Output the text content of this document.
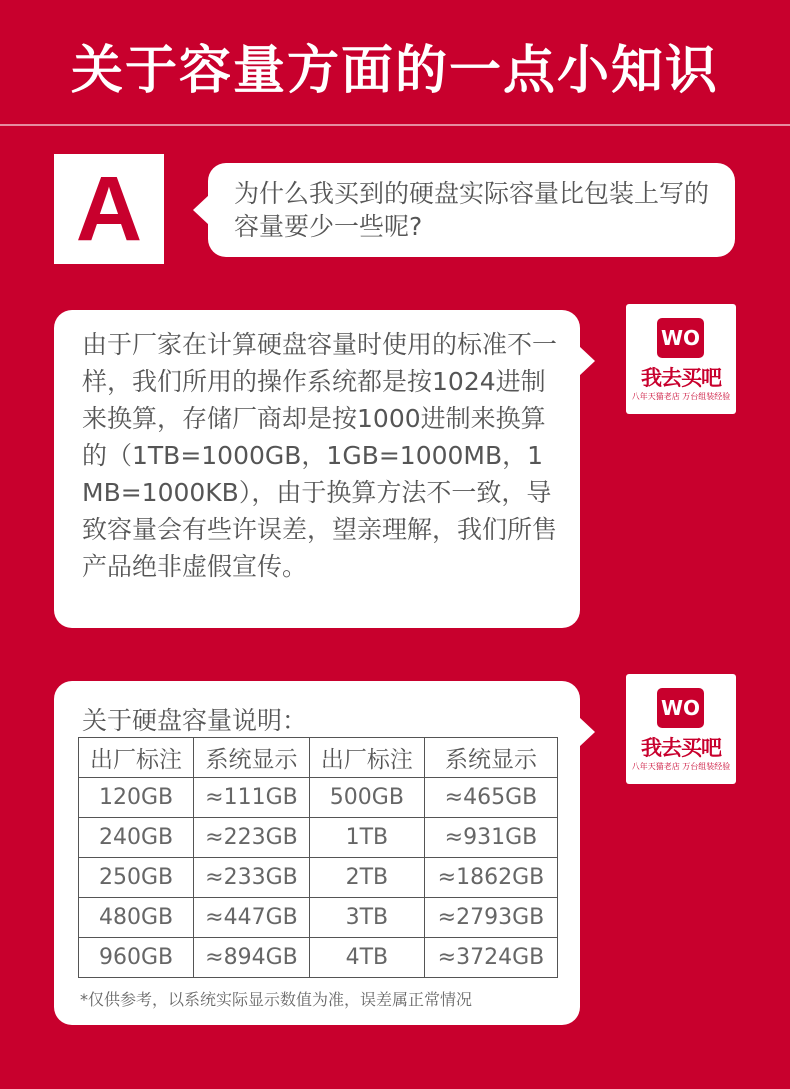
关于容量方面的一点小知识
A	为什么我买到的硬盘实际容量比包装上写的容量要少一些呢?
由于厂家在计算硬盘容量时使用的标准不一样，我们所用的操作系统都是按1024进制来换算，存储厂商却是按1000进制来换算的（1TB=1000GB，1GB=1000MB，1MB=1000KB），由于换算方法不一致，导致容量会有些许误差，望亲理解，我们所售产品绝非虚假宣传。
WO
我去买吧
八年天猫老店 万台组装经验
关于硬盘容量说明：
出厂标注	系统显示	出厂标注	系统显示
120GB	≈111GB	500GB	≈465GB
240GB	≈223GB	1TB	≈931GB
250GB	≈233GB	2TB	≈1862GB
480GB	≈447GB	3TB	≈2793GB
960GB	≈894GB	4TB	≈3724GB
*仅供参考，以系统实际显示数值为准，误差属正常情况
WO
我去买吧
八年天猫老店 万台组装经验
